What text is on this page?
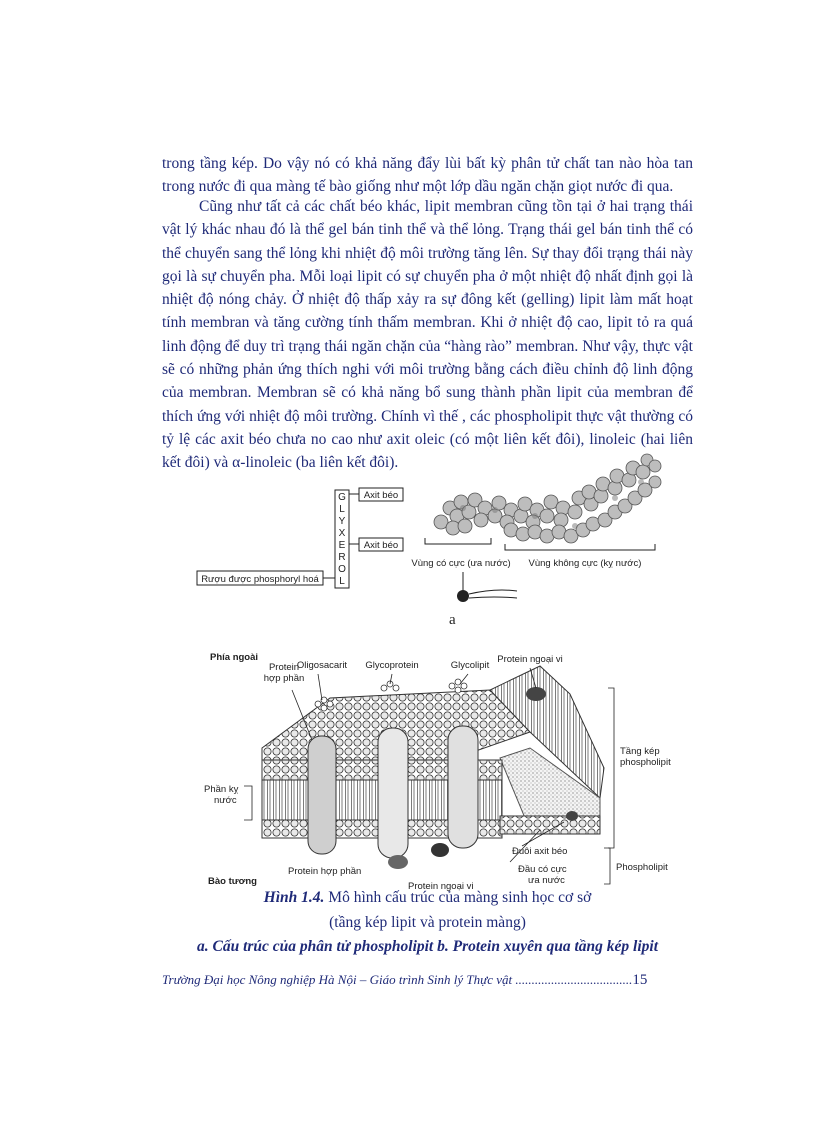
trong tầng kép. Do vậy nó có khả năng đẩy lùi bất kỳ phân tử chất tan nào hòa tan trong nước đi qua màng tế bào giống như một lớp dầu ngăn chặn giọt nước đi qua.

Cũng như tất cả các chất béo khác, lipit membran cũng tồn tại ở hai trạng thái vật lý khác nhau đó là thể gel bán tinh thể và thể lỏng. Trạng thái gel bán tinh thể có thể chuyển sang thể lỏng khi nhiệt độ môi trường tăng lên. Sự thay đổi trạng thái này gọi là sự chuyển pha. Mỗi loại lipit có sự chuyển pha ở một nhiệt độ nhất định gọi là nhiệt độ nóng chảy. Ở nhiệt độ thấp xảy ra sự đông kết (gelling) lipit làm mất hoạt tính membran và tăng cường tính thấm membran. Khi ở nhiệt độ cao, lipit tỏ ra quá linh động để duy trì trạng thái ngăn chặn của “hàng rào” membran. Như vậy, thực vật sẽ có những phản ứng thích nghi với môi trường bằng cách điều chỉnh độ linh động của membran. Membran sẽ có khả năng bổ sung thành phần lipit của membran để thích ứng với nhiệt độ môi trường. Chính vì thế , các phospholipit thực vật thường có tỷ lệ các axit béo chưa no cao như axit oleic (có một liên kết đôi), linoleic (hai liên kết đôi) và α-linoleic (ba liên kết đôi).

G
L
Y
X
E
R
O
L
Axit béo
Axit béo
Rượu được phosphoryl hoá
Vùng có cực (ưa nước) Vùng không cực (kỵ nước)
a
Phía ngoài
Protein
hợp phần
Oligosacarit Glycoprotein	Glycolipit
Protein ngoại vi
Tầng kép
phospholipit
Phần kỵ
nước
Đuôi axit béo
Đầu có cực
ưa nước
Phospholipit
Bào tương
Protein hợp phần
Protein ngoại vi
Hình 1.4. Mô hình cấu trúc của màng sinh học cơ sở
(tầng kép lipit và protein màng)
a. Cấu trúc của phân tử phospholipit b. Protein xuyên qua tầng kép lipit
Trường Đại học Nông nghiệp Hà Nội – Giáo trình Sinh lý Thực vật ....................................15
